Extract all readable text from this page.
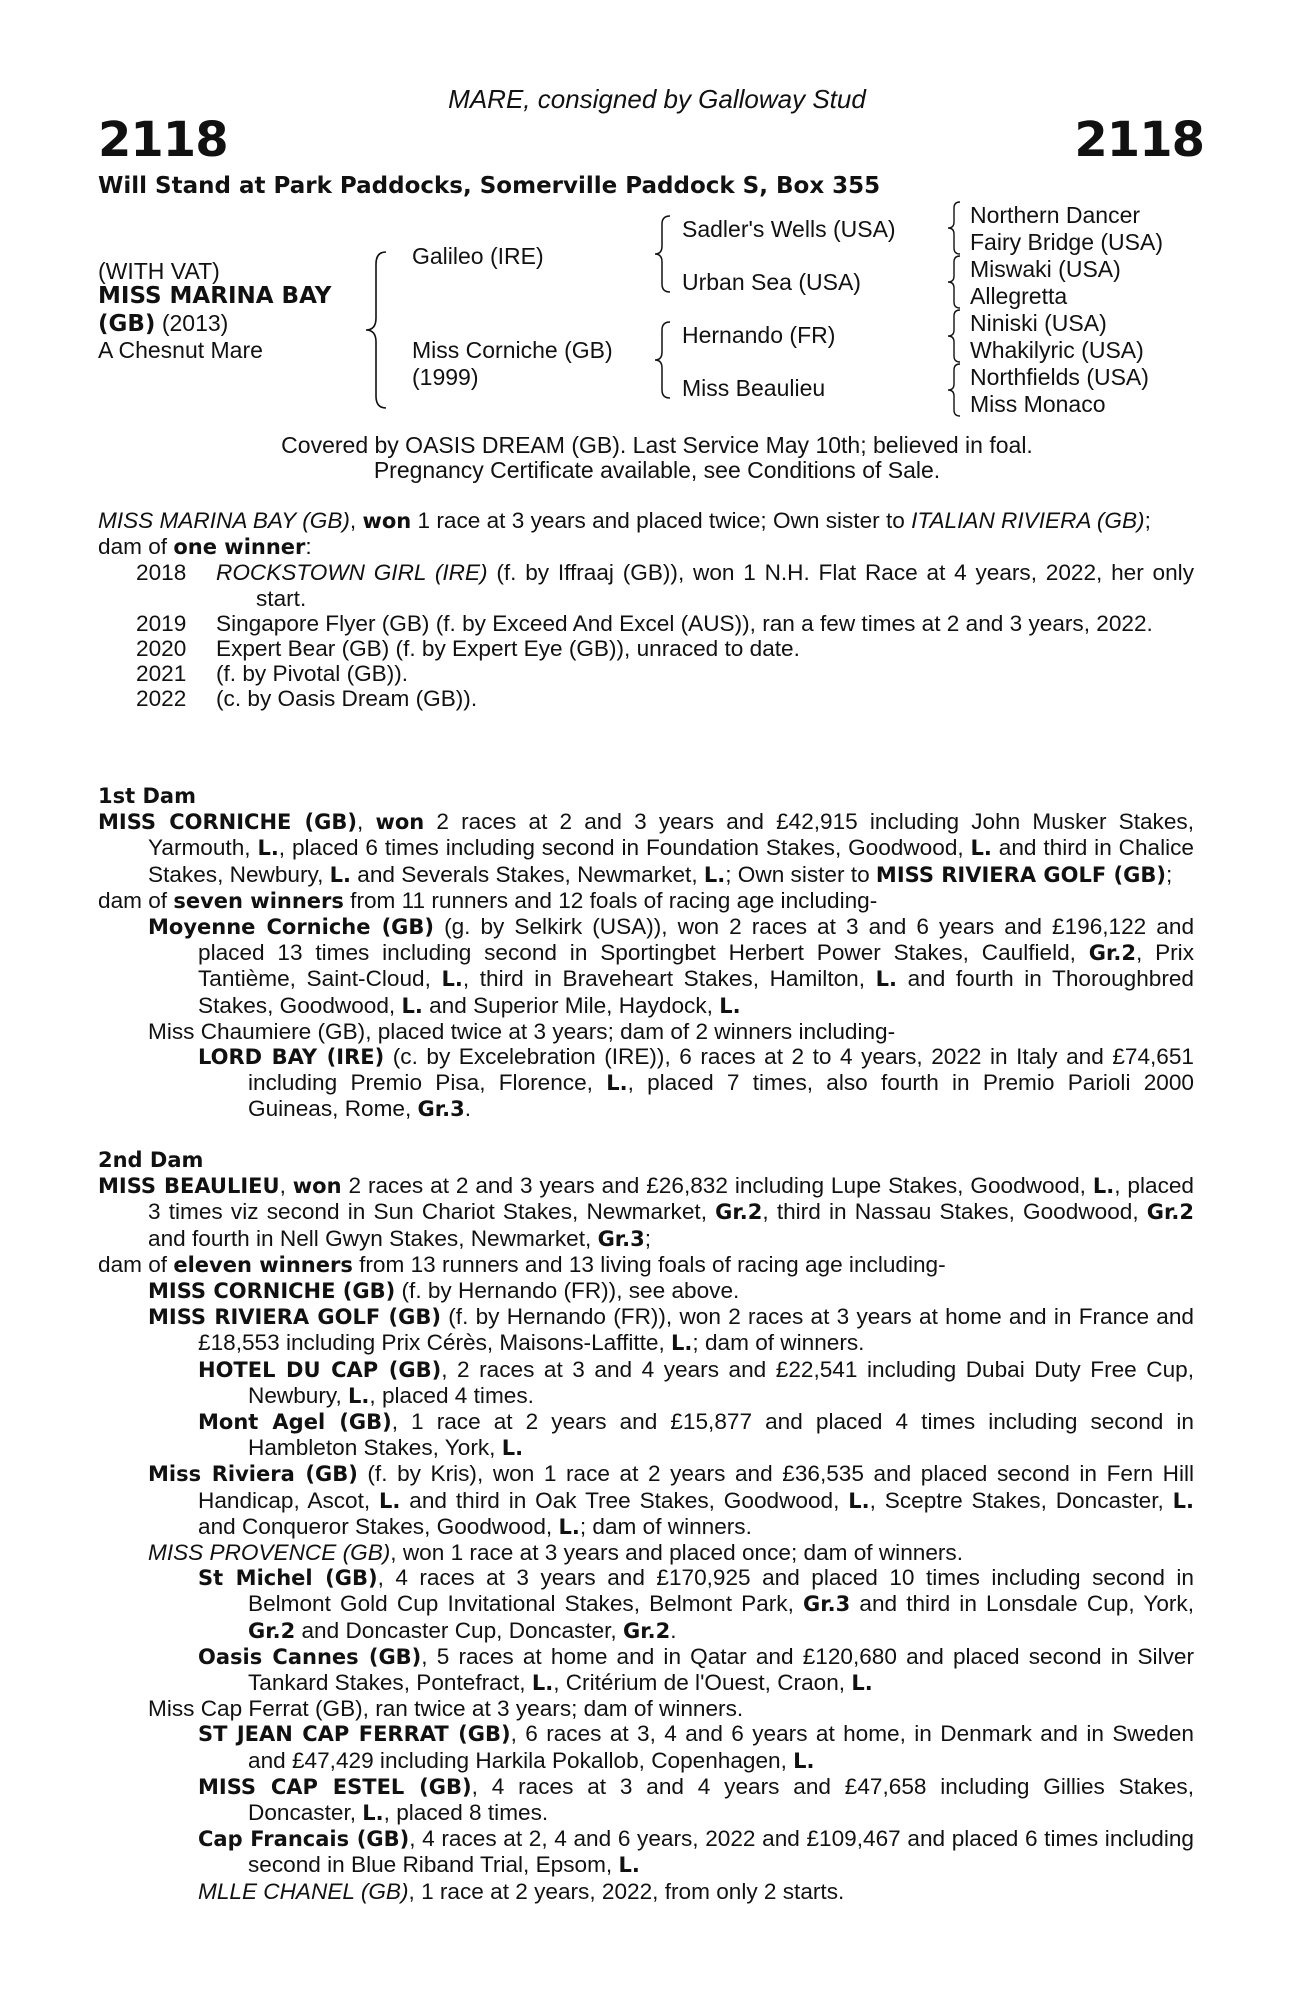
MARE, consigned by Galloway Stud
2118	2118
Will Stand at Park Paddocks, Somerville Paddock S, Box 355
(WITH VAT)
MISS MARINA BAY
(GB) (2013)
A Chesnut Mare
Galileo (IRE)
Miss Corniche (GB)
(1999)
Sadler's Wells (USA)
Urban Sea (USA)
Hernando (FR)
Miss Beaulieu
Northern Dancer
Fairy Bridge (USA)
Miswaki (USA)
Allegretta
Niniski (USA)
Whakilyric (USA)
Northfields (USA)
Miss Monaco
Covered by OASIS DREAM (GB). Last Service May 10th; believed in foal.
Pregnancy Certificate available, see Conditions of Sale.
MISS MARINA BAY (GB), won 1 race at 3 years and placed twice; Own sister to ITALIAN RIVIERA (GB);
dam of one winner:
2018	ROCKSTOWN GIRL (IRE) (f. by Iffraaj (GB)), won 1 N.H. Flat Race at 4 years, 2022, her only start.
2019	Singapore Flyer (GB) (f. by Exceed And Excel (AUS)), ran a few times at 2 and 3 years, 2022.
2020	Expert Bear (GB) (f. by Expert Eye (GB)), unraced to date.
2021	(f. by Pivotal (GB)).
2022	(c. by Oasis Dream (GB)).
1st Dam
MISS CORNICHE (GB), won 2 races at 2 and 3 years and £42,915 including John Musker Stakes, Yarmouth, L., placed 6 times including second in Foundation Stakes, Goodwood, L. and third in Chalice Stakes, Newbury, L. and Severals Stakes, Newmarket, L.; Own sister to MISS RIVIERA GOLF (GB);
dam of seven winners from 11 runners and 12 foals of racing age including-
Moyenne Corniche (GB) (g. by Selkirk (USA)), won 2 races at 3 and 6 years and £196,122 and placed 13 times including second in Sportingbet Herbert Power Stakes, Caulfield, Gr.2, Prix Tantième, Saint-Cloud, L., third in Braveheart Stakes, Hamilton, L. and fourth in Thoroughbred Stakes, Goodwood, L. and Superior Mile, Haydock, L.
Miss Chaumiere (GB), placed twice at 3 years; dam of 2 winners including-
LORD BAY (IRE) (c. by Excelebration (IRE)), 6 races at 2 to 4 years, 2022 in Italy and £74,651 including Premio Pisa, Florence, L., placed 7 times, also fourth in Premio Parioli 2000 Guineas, Rome, Gr.3.
2nd Dam
MISS BEAULIEU, won 2 races at 2 and 3 years and £26,832 including Lupe Stakes, Goodwood, L., placed 3 times viz second in Sun Chariot Stakes, Newmarket, Gr.2, third in Nassau Stakes, Goodwood, Gr.2 and fourth in Nell Gwyn Stakes, Newmarket, Gr.3;
dam of eleven winners from 13 runners and 13 living foals of racing age including-
MISS CORNICHE (GB) (f. by Hernando (FR)), see above.
MISS RIVIERA GOLF (GB) (f. by Hernando (FR)), won 2 races at 3 years at home and in France and £18,553 including Prix Cérès, Maisons-Laffitte, L.; dam of winners.
HOTEL DU CAP (GB), 2 races at 3 and 4 years and £22,541 including Dubai Duty Free Cup, Newbury, L., placed 4 times.
Mont Agel (GB), 1 race at 2 years and £15,877 and placed 4 times including second in Hambleton Stakes, York, L.
Miss Riviera (GB) (f. by Kris), won 1 race at 2 years and £36,535 and placed second in Fern Hill Handicap, Ascot, L. and third in Oak Tree Stakes, Goodwood, L., Sceptre Stakes, Doncaster, L. and Conqueror Stakes, Goodwood, L.; dam of winners.
MISS PROVENCE (GB), won 1 race at 3 years and placed once; dam of winners.
St Michel (GB), 4 races at 3 years and £170,925 and placed 10 times including second in Belmont Gold Cup Invitational Stakes, Belmont Park, Gr.3 and third in Lonsdale Cup, York, Gr.2 and Doncaster Cup, Doncaster, Gr.2.
Oasis Cannes (GB), 5 races at home and in Qatar and £120,680 and placed second in Silver Tankard Stakes, Pontefract, L., Critérium de l'Ouest, Craon, L.
Miss Cap Ferrat (GB), ran twice at 3 years; dam of winners.
ST JEAN CAP FERRAT (GB), 6 races at 3, 4 and 6 years at home, in Denmark and in Sweden and £47,429 including Harkila Pokallob, Copenhagen, L.
MISS CAP ESTEL (GB), 4 races at 3 and 4 years and £47,658 including Gillies Stakes, Doncaster, L., placed 8 times.
Cap Francais (GB), 4 races at 2, 4 and 6 years, 2022 and £109,467 and placed 6 times including second in Blue Riband Trial, Epsom, L.
MLLE CHANEL (GB), 1 race at 2 years, 2022, from only 2 starts.
